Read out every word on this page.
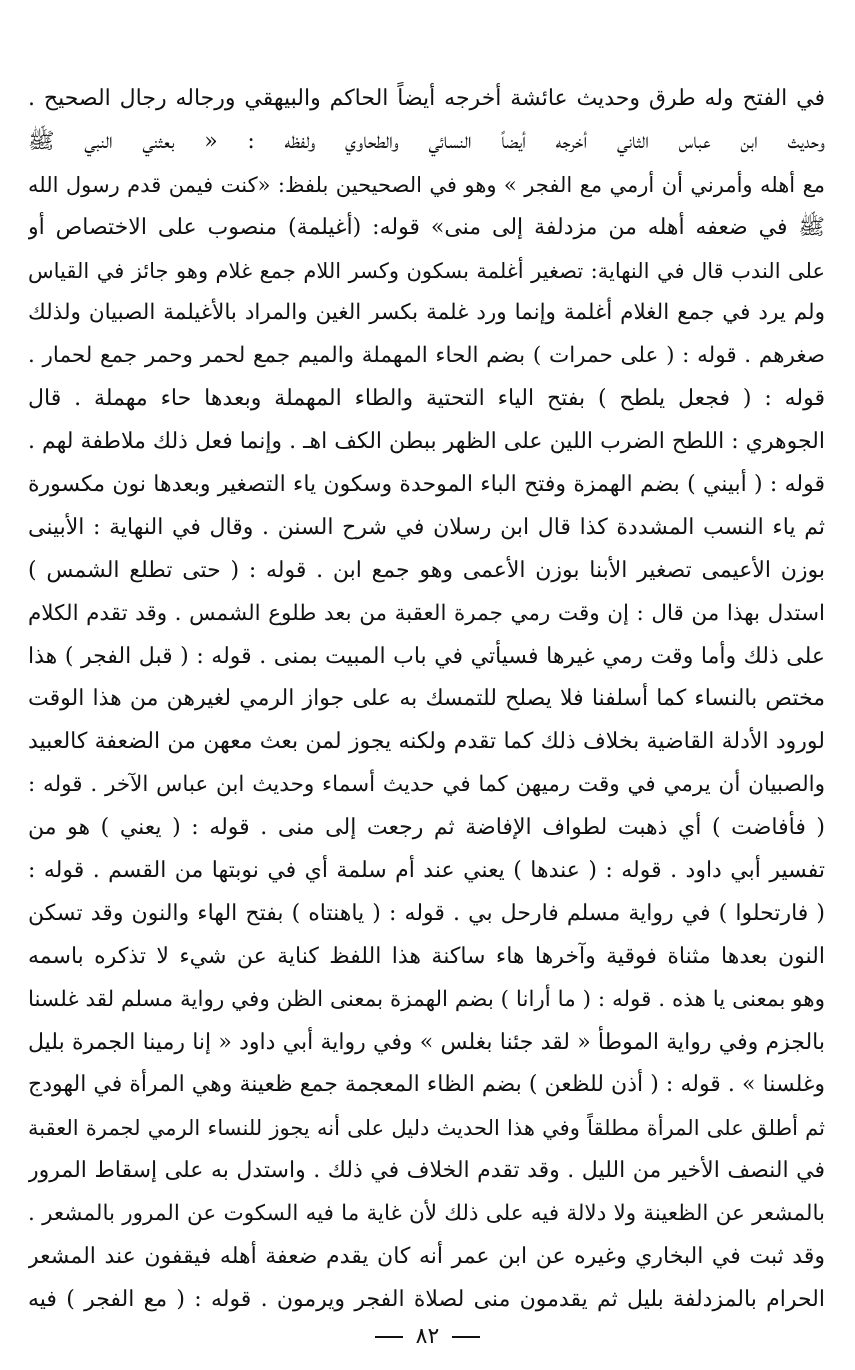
في الفتح وله طرق وحديث عائشة أخرجه أيضاً الحاكم والبيهقي ورجاله رجال الصحيح .
وحديث ابن عباس الثاني أخرجه أيضاً النسائي والطحاوي ولفظه : « بعثني النبي ﷺ
مع أهله وأمرني أن أرمي مع الفجر » وهو في الصحيحين بلفظ: «كنت فيمن قدم رسول الله
ﷺ في ضعفه أهله من مزدلفة إلى منى» قوله: (أغيلمة) منصوب على الاختصاص أو
على الندب قال في النهاية: تصغير أغلمة بسكون وكسر اللام جمع غلام وهو جائز في القياس
ولم يرد في جمع الغلام أغلمة وإنما ورد غلمة بكسر الغين والمراد بالأغيلمة الصبيان ولذلك
صغرهم . قوله : ( على حمرات ) بضم الحاء المهملة والميم جمع لحمر وحمر جمع لحمار .
قوله : ( فجعل يلطح ) بفتح الياء التحتية والطاء المهملة وبعدها حاء مهملة . قال
الجوهري : اللطح الضرب اللين على الظهر ببطن الكف اهـ . وإنما فعل ذلك ملاطفة لهم .
قوله : ( أبيني ) بضم الهمزة وفتح الباء الموحدة وسكون ياء التصغير وبعدها نون مكسورة
ثم ياء النسب المشددة كذا قال ابن رسلان في شرح السنن . وقال في النهاية : الأبينى
بوزن الأعيمى تصغير الأبنا بوزن الأعمى وهو جمع ابن . قوله : ( حتى تطلع الشمس )
استدل بهذا من قال : إن وقت رمي جمرة العقبة من بعد طلوع الشمس . وقد تقدم الكلام
على ذلك وأما وقت رمي غيرها فسيأتي في باب المبيت بمنى . قوله : ( قبل الفجر ) هذا
مختص بالنساء كما أسلفنا فلا يصلح للتمسك به على جواز الرمي لغيرهن من هذا الوقت
لورود الأدلة القاضية بخلاف ذلك كما تقدم ولكنه يجوز لمن بعث معهن من الضعفة كالعبيد
والصبيان أن يرمي في وقت رميهن كما في حديث أسماء وحديث ابن عباس الآخر . قوله :
( فأفاضت ) أي ذهبت لطواف الإفاضة ثم رجعت إلى منى . قوله : ( يعني ) هو من
تفسير أبي داود . قوله : ( عندها ) يعني عند أم سلمة أي في نوبتها من القسم . قوله :
( فارتحلوا ) في رواية مسلم فارحل بي . قوله : ( ياهنتاه ) بفتح الهاء والنون وقد تسكن
النون بعدها مثناة فوقية وآخرها هاء ساكنة هذا اللفظ كناية عن شيء لا تذكره باسمه
وهو بمعنى يا هذه . قوله : ( ما أرانا ) بضم الهمزة بمعنى الظن وفي رواية مسلم لقد غلسنا
بالجزم وفي رواية الموطأ « لقد جئنا بغلس » وفي رواية أبي داود « إنا رمينا الجمرة بليل
وغلسنا » . قوله : ( أذن للظعن ) بضم الظاء المعجمة جمع ظعينة وهي المرأة في الهودج
ثم أطلق على المرأة مطلقاً وفي هذا الحديث دليل على أنه يجوز للنساء الرمي لجمرة العقبة
في النصف الأخير من الليل . وقد تقدم الخلاف في ذلك . واستدل به على إسقاط المرور
بالمشعر عن الظعينة ولا دلالة فيه على ذلك لأن غاية ما فيه السكوت عن المرور بالمشعر .
وقد ثبت في البخاري وغيره عن ابن عمر أنه كان يقدم ضعفة أهله فيقفون عند المشعر
الحرام بالمزدلفة بليل ثم يقدمون منى لصلاة الفجر ويرمون . قوله : ( مع الفجر ) فيه
٨٢
